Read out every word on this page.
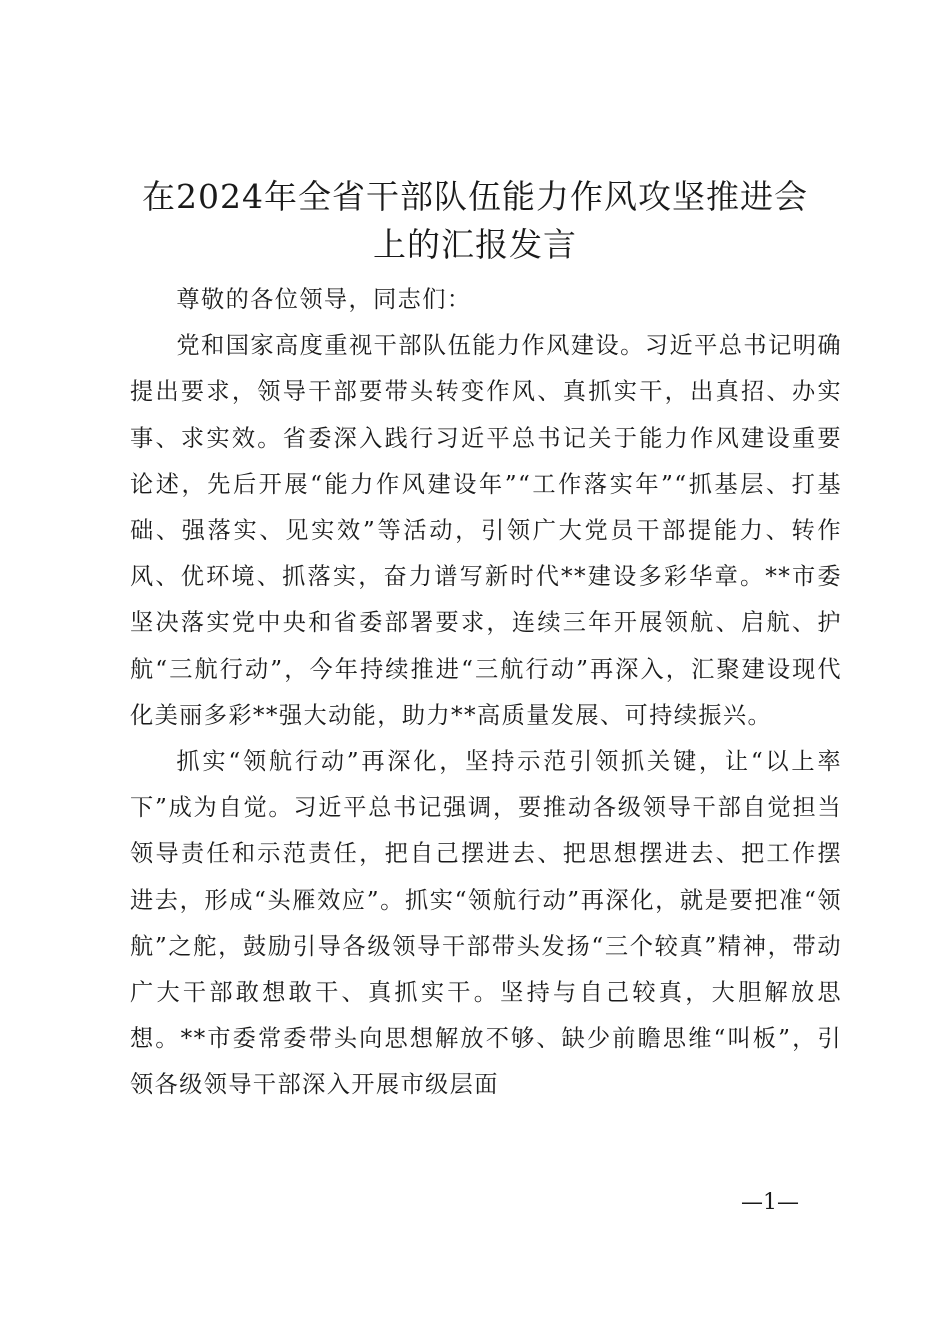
在2024年全省干部队伍能力作风攻坚推进会
上的汇报发言

尊敬的各位领导，同志们：

党和国家高度重视干部队伍能力作风建设。习近平总书记明确提出要求，领导干部要带头转变作风、真抓实干，出真招、办实事、求实效。省委深入践行习近平总书记关于能力作风建设重要论述，先后开展“能力作风建设年”“工作落实年”“抓基层、打基础、强落实、见实效”等活动，引领广大党员干部提能力、转作风、优环境、抓落实，奋力谱写新时代**建设多彩华章。**市委坚决落实党中央和省委部署要求，连续三年开展领航、启航、护航“三航行动”，今年持续推进“三航行动”再深入，汇聚建设现代化美丽多彩**强大动能，助力**高质量发展、可持续振兴。

抓实“领航行动”再深化，坚持示范引领抓关键，让“以上率下”成为自觉。习近平总书记强调，要推动各级领导干部自觉担当领导责任和示范责任，把自己摆进去、把思想摆进去、把工作摆进去，形成“头雁效应”。抓实“领航行动”再深化，就是要把准“领航”之舵，鼓励引导各级领导干部带头发扬“三个较真”精神，带动广大干部敢想敢干、真抓实干。坚持与自己较真，大胆解放思想。**市委常委带头向思想解放不够、缺少前瞻思维“叫板”，引领各级领导干部深入开展市级层面

—1—
